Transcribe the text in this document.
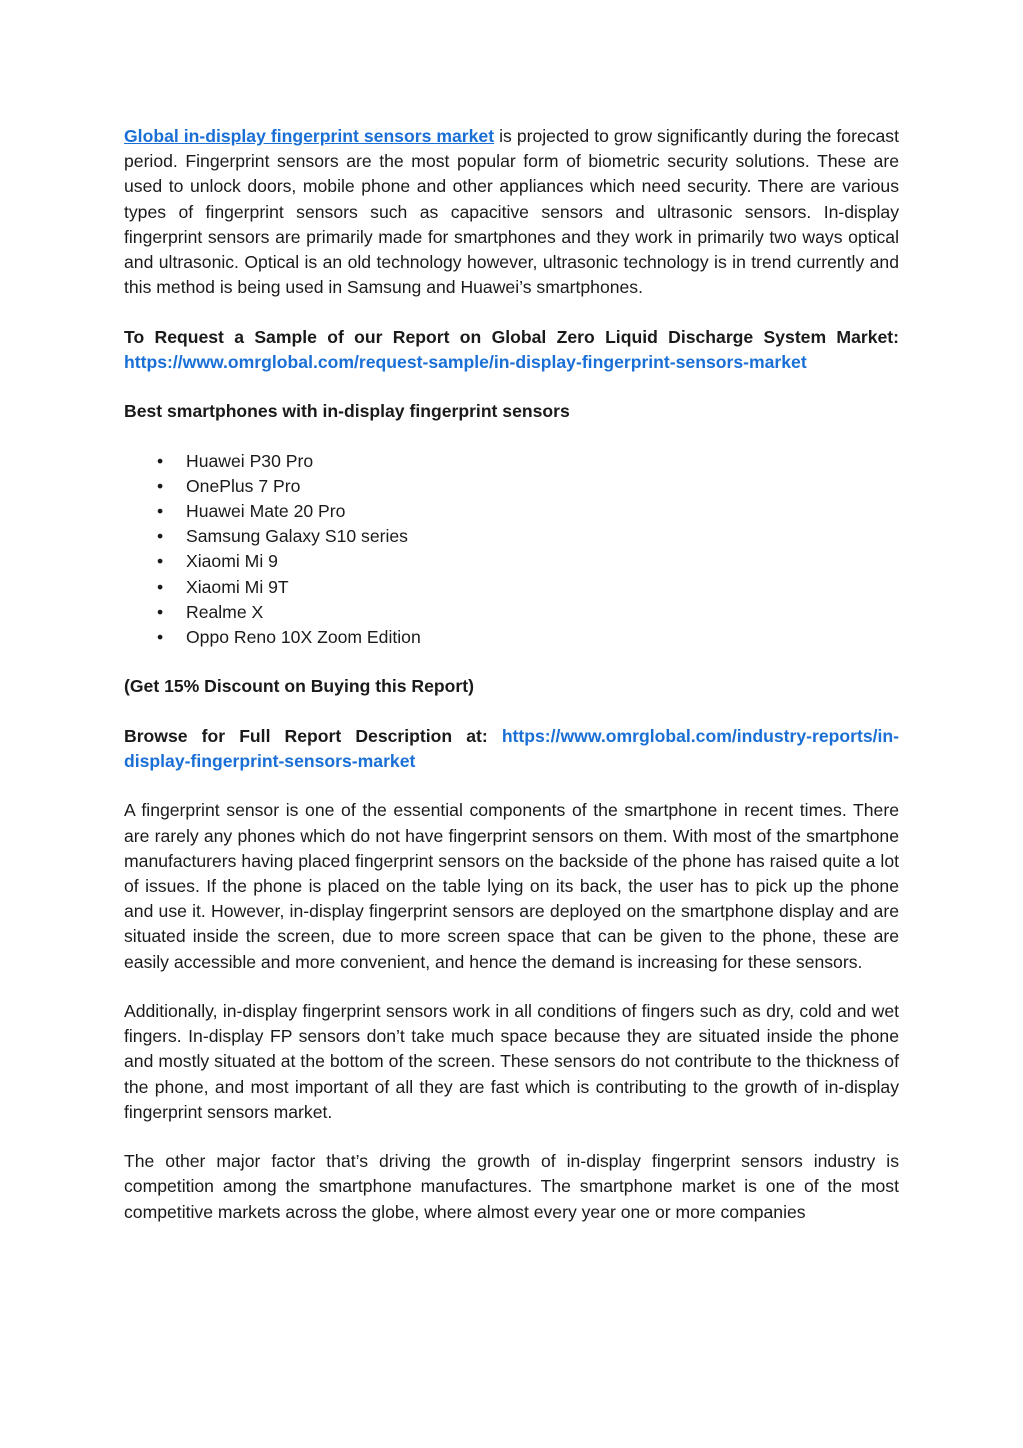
Global in-display fingerprint sensors market is projected to grow significantly during the forecast period. Fingerprint sensors are the most popular form of biometric security solutions. These are used to unlock doors, mobile phone and other appliances which need security. There are various types of fingerprint sensors such as capacitive sensors and ultrasonic sensors. In-display fingerprint sensors are primarily made for smartphones and they work in primarily two ways optical and ultrasonic. Optical is an old technology however, ultrasonic technology is in trend currently and this method is being used in Samsung and Huawei’s smartphones.

To Request a Sample of our Report on Global Zero Liquid Discharge System Market: https://www.omrglobal.com/request-sample/in-display-fingerprint-sensors-market

Best smartphones with in-display fingerprint sensors

• Huawei P30 Pro
• OnePlus 7 Pro
• Huawei Mate 20 Pro
• Samsung Galaxy S10 series
• Xiaomi Mi 9
• Xiaomi Mi 9T
• Realme X
• Oppo Reno 10X Zoom Edition

(Get 15% Discount on Buying this Report)

Browse for Full Report Description at: https://www.omrglobal.com/industry-reports/in-display-fingerprint-sensors-market

A fingerprint sensor is one of the essential components of the smartphone in recent times. There are rarely any phones which do not have fingerprint sensors on them. With most of the smartphone manufacturers having placed fingerprint sensors on the backside of the phone has raised quite a lot of issues. If the phone is placed on the table lying on its back, the user has to pick up the phone and use it. However, in-display fingerprint sensors are deployed on the smartphone display and are situated inside the screen, due to more screen space that can be given to the phone, these are easily accessible and more convenient, and hence the demand is increasing for these sensors.

Additionally, in-display fingerprint sensors work in all conditions of fingers such as dry, cold and wet fingers. In-display FP sensors don’t take much space because they are situated inside the phone and mostly situated at the bottom of the screen. These sensors do not contribute to the thickness of the phone, and most important of all they are fast which is contributing to the growth of in-display fingerprint sensors market.

The other major factor that’s driving the growth of in-display fingerprint sensors industry is competition among the smartphone manufactures. The smartphone market is one of the most competitive markets across the globe, where almost every year one or more companies
